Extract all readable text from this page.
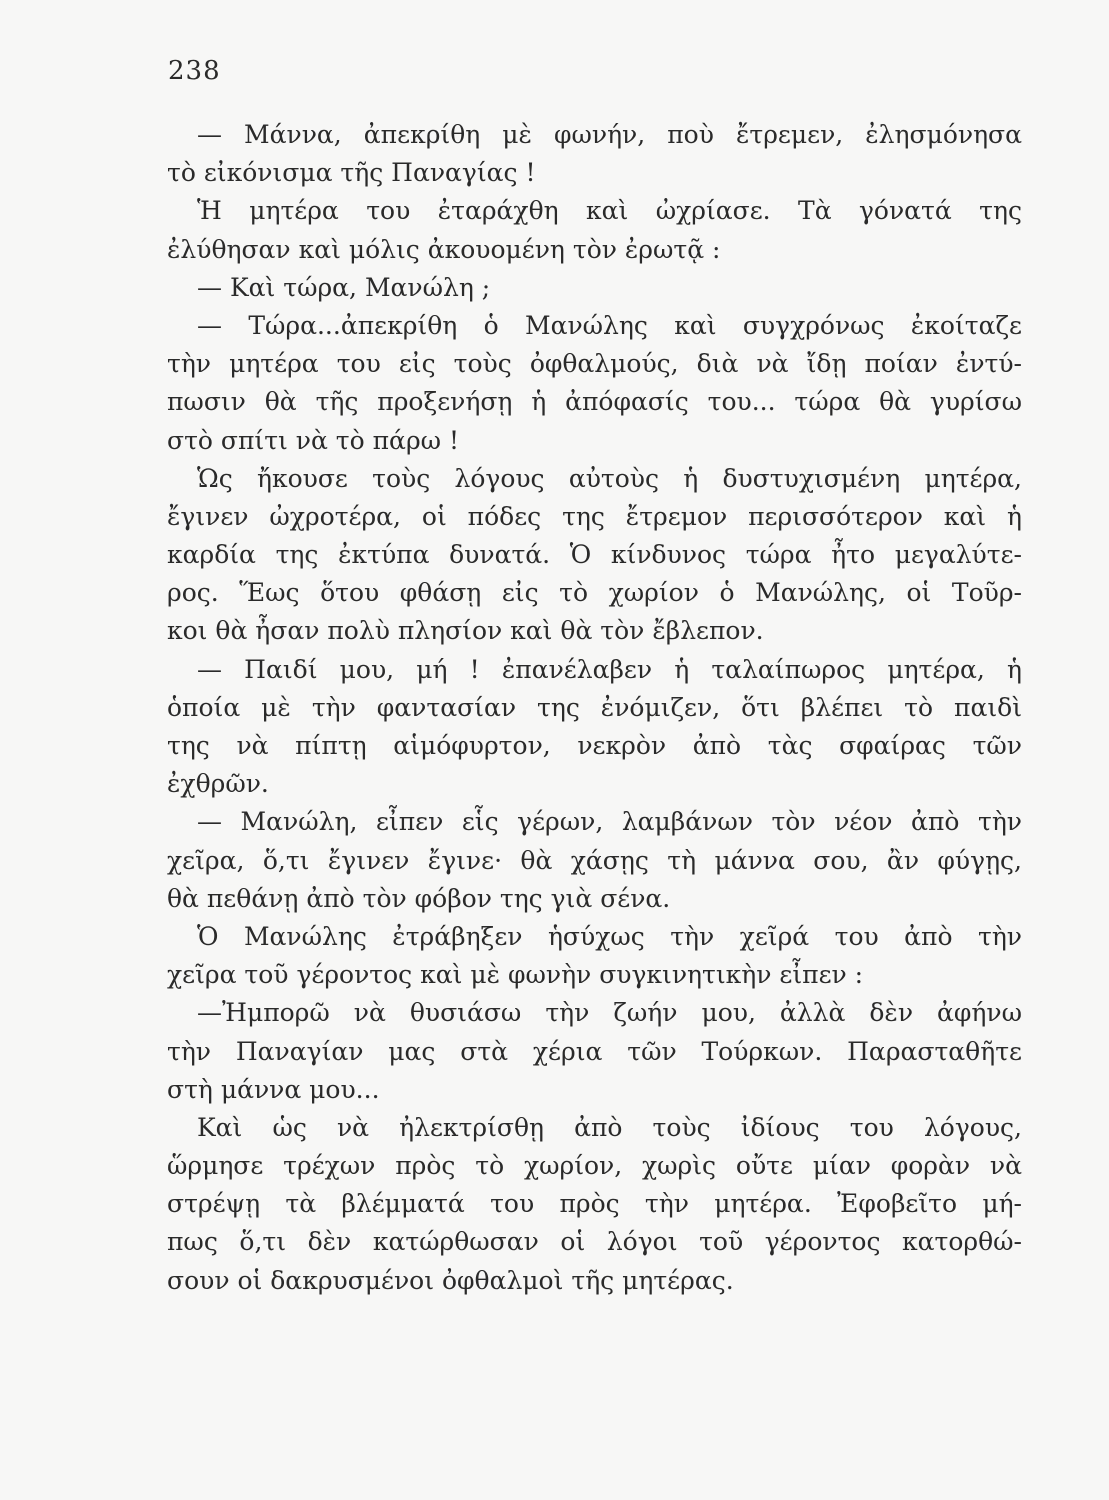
238
— Μάννα, ἀπεκρίθη μὲ φωνήν, ποὺ ἔτρεμεν, ἐλησμόνησα
τὸ εἰκόνισμα τῆς Παναγίας !
Ἡ μητέρα του ἐταράχθη καὶ ὠχρίασε. Τὰ γόνατά της
ἐλύθησαν καὶ μόλις ἀκουομένη τὸν ἐρωτᾷ :
— Καὶ τώρα, Μανώλη ;
— Τώρα...ἀπεκρίθη ὁ Μανώλης καὶ συγχρόνως ἐκοίταζε
τὴν μητέρα του εἰς τοὺς ὀφθαλμούς, διὰ νὰ ἴδῃ ποίαν ἐντύ-
πωσιν θὰ τῆς προξενήσῃ ἡ ἀπόφασίς του... τώρα θὰ γυρίσω
στὸ σπίτι νὰ τὸ πάρω !
Ὡς ἤκουσε τοὺς λόγους αὐτοὺς ἡ δυστυχισμένη μητέρα,
ἔγινεν ὠχροτέρα, οἱ πόδες της ἔτρεμον περισσότερον καὶ ἡ
καρδία της ἐκτύπα δυνατά. Ὁ κίνδυνος τώρα ἦτο μεγαλύτε-
ρος. Ἕως ὅτου φθάσῃ εἰς τὸ χωρίον ὁ Μανώλης, οἱ Τοῦρ-
κοι θὰ ἦσαν πολὺ πλησίον καὶ θὰ τὸν ἔβλεπον.
— Παιδί μου, μή ! ἐπανέλαβεν ἡ ταλαίπωρος μητέρα, ἡ
ὁποία μὲ τὴν φαντασίαν της ἐνόμιζεν, ὅτι βλέπει τὸ παιδὶ
της νὰ πίπτῃ αἱμόφυρτον, νεκρὸν ἀπὸ τὰς σφαίρας τῶν
ἐχθρῶν.
— Μανώλη, εἶπεν εἷς γέρων, λαμβάνων τὸν νέον ἀπὸ τὴν
χεῖρα, ὅ,τι ἔγινεν ἔγινε· θὰ χάσῃς τὴ μάννα σου, ἂν φύγῃς,
θὰ πεθάνῃ ἀπὸ τὸν φόβον της γιὰ σένα.
Ὁ Μανώλης ἐτράβηξεν ἡσύχως τὴν χεῖρά του ἀπὸ τὴν
χεῖρα τοῦ γέροντος καὶ μὲ φωνὴν συγκινητικὴν εἶπεν :
—Ἠμπορῶ νὰ θυσιάσω τὴν ζωήν μου, ἀλλὰ δὲν ἀφήνω
τὴν Παναγίαν μας στὰ χέρια τῶν Τούρκων. Παρασταθῆτε
στὴ μάννα μου...
Καὶ ὡς νὰ ἠλεκτρίσθῃ ἀπὸ τοὺς ἰδίους του λόγους,
ὥρμησε τρέχων πρὸς τὸ χωρίον, χωρὶς οὔτε μίαν φορὰν νὰ
στρέψῃ τὰ βλέμματά του πρὸς τὴν μητέρα. Ἐφοβεῖτο μή-
πως ὅ,τι δὲν κατώρθωσαν οἱ λόγοι τοῦ γέροντος κατορθώ-
σουν οἱ δακρυσμένοι ὀφθαλμοὶ τῆς μητέρας.
